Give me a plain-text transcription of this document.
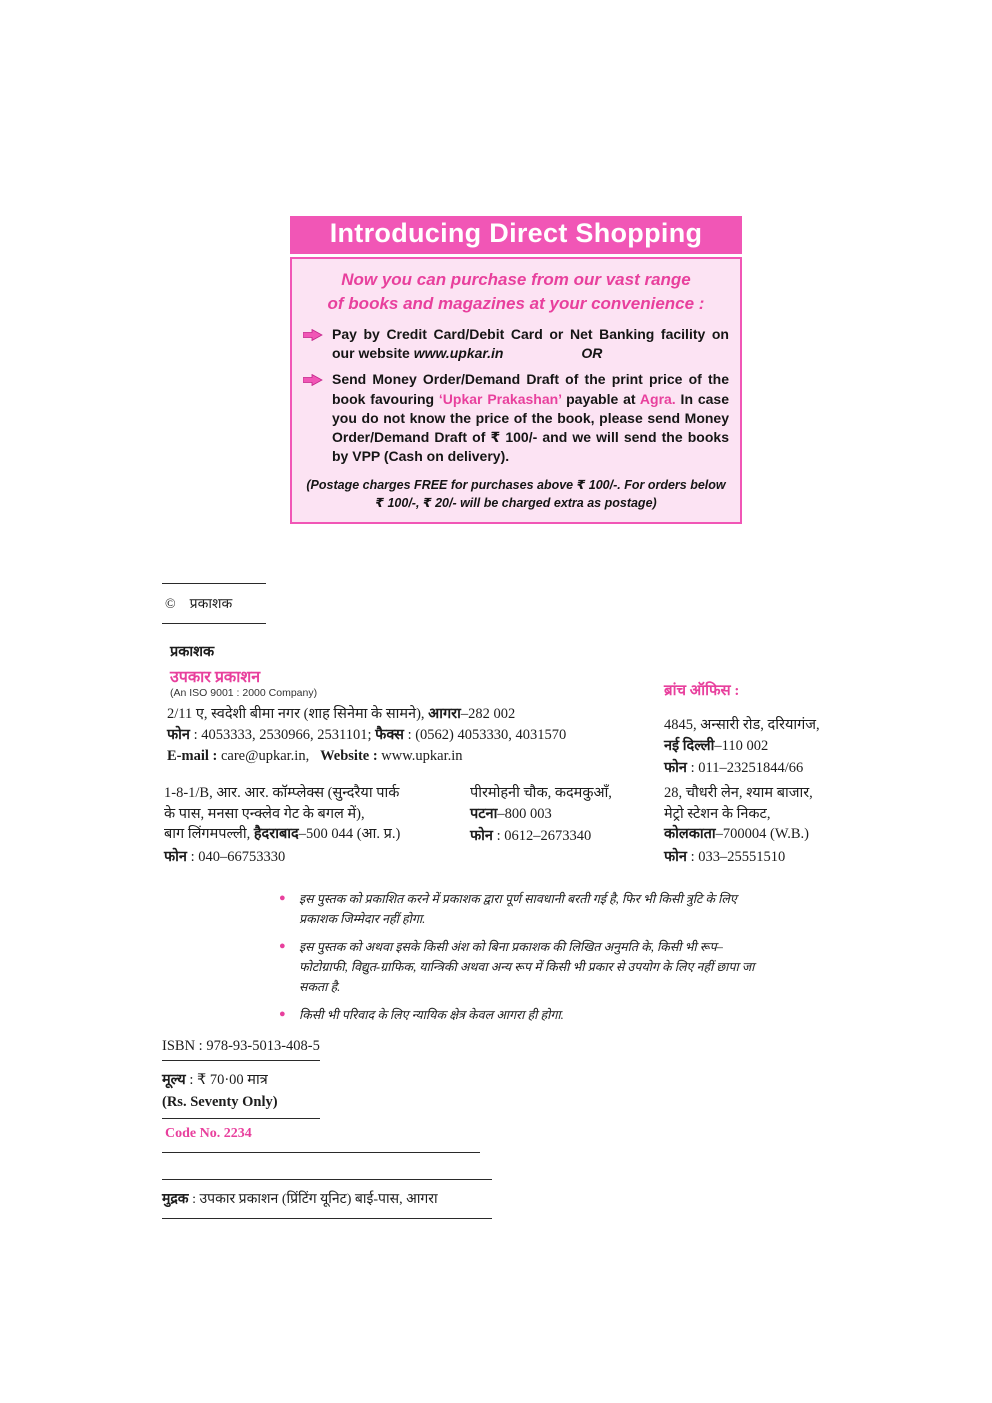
Introducing Direct Shopping
Now you can purchase from our vast range
of books and magazines at your convenience :
Pay by Credit Card/Debit Card or Net Banking facility on our website www.upkar.in	OR
Send Money Order/Demand Draft of the print price of the book favouring ‘Upkar Prakashan’ payable at Agra. In case you do not know the price of the book, please send Money Order/Demand Draft of ₹ 100/- and we will send the books by VPP (Cash on delivery).
(Postage charges FREE for purchases above ₹ 100/-. For orders below
₹ 100/-, ₹ 20/- will be charged extra as postage)
© प्रकाशक
प्रकाशक
उपकार प्रकाशन
(An ISO 9001 : 2000 Company)
2/11 ए, स्वदेशी बीमा नगर (शाह सिनेमा के सामने), आगरा–282 002
फोन : 4053333, 2530966, 2531101; फैक्स : (0562) 4053330, 4031570
E-mail : care@upkar.in, Website : www.upkar.in
ब्रांच ऑफिस :
4845, अन्सारी रोड, दरियागंज,
नई दिल्ली–110 002
फोन : 011–23251844/66
1-8-1/B, आर. आर. कॉम्प्लेक्स (सुन्दरैया पार्क
के पास, मनसा एन्क्लेव गेट के बगल में),
बाग लिंगमपल्ली, हैदराबाद–500 044 (आ. प्र.)
फोन : 040–66753330
पीरमोहनी चौक, कदमकुआँ,
पटना–800 003
फोन : 0612–2673340
28, चौधरी लेन, श्याम बाजार,
मेट्रो स्टेशन के निकट,
कोलकाता–700004 (W.B.)
फोन : 033–25551510
●	इस पुस्तक को प्रकाशित करने में प्रकाशक द्वारा पूर्ण सावधानी बरती गई है, फिर भी किसी त्रुटि के लिए प्रकाशक जिम्मेदार नहीं होगा.
●	इस पुस्तक को अथवा इसके किसी अंश को बिना प्रकाशक की लिखित अनुमति के, किसी भी रूप–फोटोग्राफी, विद्युत-ग्राफिक, यान्त्रिकी अथवा अन्य रूप में किसी भी प्रकार से उपयोग के लिए नहीं छापा जा सकता है.
●	किसी भी परिवाद के लिए न्यायिक क्षेत्र केवल आगरा ही होगा.
ISBN : 978-93-5013-408-5
मूल्य : ₹ 70·00 मात्र
(Rs. Seventy Only)
Code No. 2234
मुद्रक : उपकार प्रकाशन (प्रिंटिंग यूनिट) बाई-पास, आगरा
